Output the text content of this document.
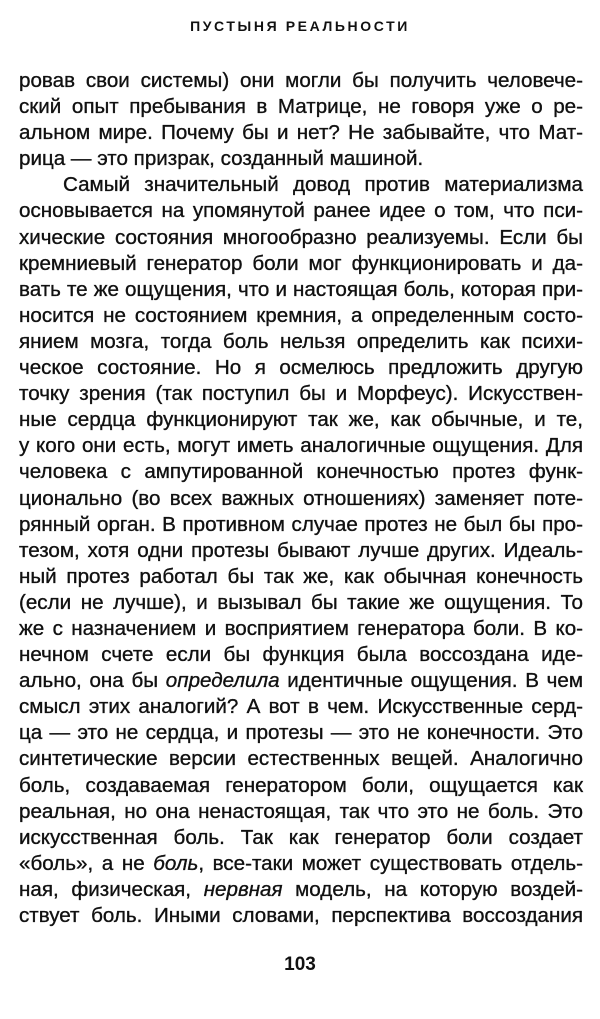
ПУСТЫНЯ РЕАЛЬНОСТИ
ровав свои системы) они могли бы получить человече-
ский опыт пребывания в Матрице, не говоря уже о ре-
альном мире. Почему бы и нет? Не забывайте, что Мат-
рица — это призрак, созданный машиной.
Самый значительный довод против материализма
основывается на упомянутой ранее идее о том, что пси-
хические состояния многообразно реализуемы. Если бы
кремниевый генератор боли мог функционировать и да-
вать те же ощущения, что и настоящая боль, которая при-
носится не состоянием кремния, а определенным состо-
янием мозга, тогда боль нельзя определить как психи-
ческое состояние. Но я осмелюсь предложить другую
точку зрения (так поступил бы и Морфеус). Искусствен-
ные сердца функционируют так же, как обычные, и те,
у кого они есть, могут иметь аналогичные ощущения. Для
человека с ампутированной конечностью протез функ-
ционально (во всех важных отношениях) заменяет поте-
рянный орган. В противном случае протез не был бы про-
тезом, хотя одни протезы бывают лучше других. Идеаль-
ный протез работал бы так же, как обычная конечность
(если не лучше), и вызывал бы такие же ощущения. То
же с назначением и восприятием генератора боли. В ко-
нечном счете если бы функция была воссоздана иде-
ально, она бы определила идентичные ощущения. В чем
смысл этих аналогий? А вот в чем. Искусственные серд-
ца — это не сердца, и протезы — это не конечности. Это
синтетические версии естественных вещей. Аналогично
боль, создаваемая генератором боли, ощущается как
реальная, но она ненастоящая, так что это не боль. Это
искусственная боль. Так как генератор боли создает
«боль», а не боль, все-таки может существовать отдель-
ная, физическая, нервная модель, на которую воздей-
ствует боль. Иными словами, перспектива воссоздания
103
